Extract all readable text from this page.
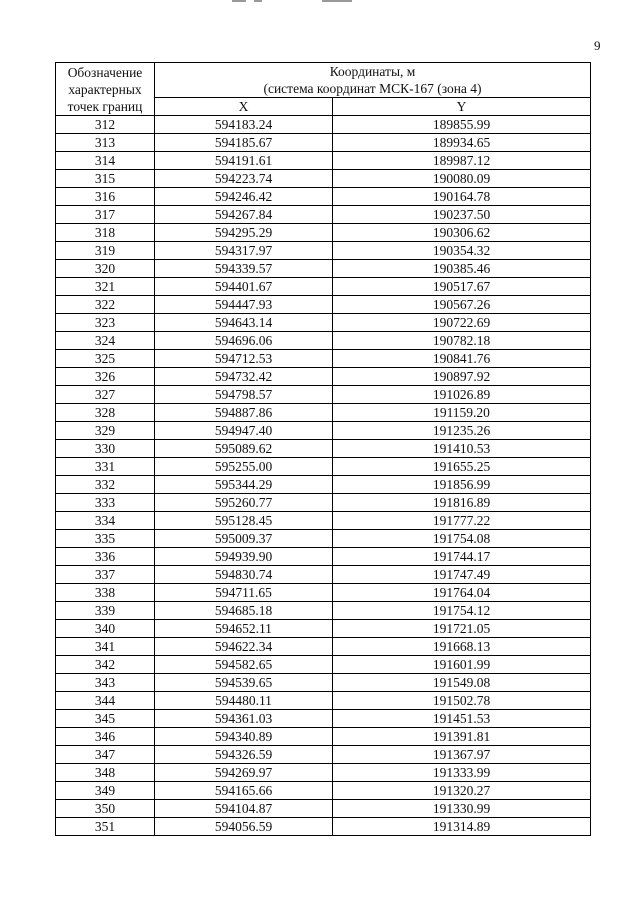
9
Обозначение
характерных
точек границ	Координаты, м
(система координат МСК-167 (зона 4)	
	X	Y
312	594183.24	189855.99
313	594185.67	189934.65
314	594191.61	189987.12
315	594223.74	190080.09
316	594246.42	190164.78
317	594267.84	190237.50
318	594295.29	190306.62
319	594317.97	190354.32
320	594339.57	190385.46
321	594401.67	190517.67
322	594447.93	190567.26
323	594643.14	190722.69
324	594696.06	190782.18
325	594712.53	190841.76
326	594732.42	190897.92
327	594798.57	191026.89
328	594887.86	191159.20
329	594947.40	191235.26
330	595089.62	191410.53
331	595255.00	191655.25
332	595344.29	191856.99
333	595260.77	191816.89
334	595128.45	191777.22
335	595009.37	191754.08
336	594939.90	191744.17
337	594830.74	191747.49
338	594711.65	191764.04
339	594685.18	191754.12
340	594652.11	191721.05
341	594622.34	191668.13
342	594582.65	191601.99
343	594539.65	191549.08
344	594480.11	191502.78
345	594361.03	191451.53
346	594340.89	191391.81
347	594326.59	191367.97
348	594269.97	191333.99
349	594165.66	191320.27
350	594104.87	191330.99
351	594056.59	191314.89
